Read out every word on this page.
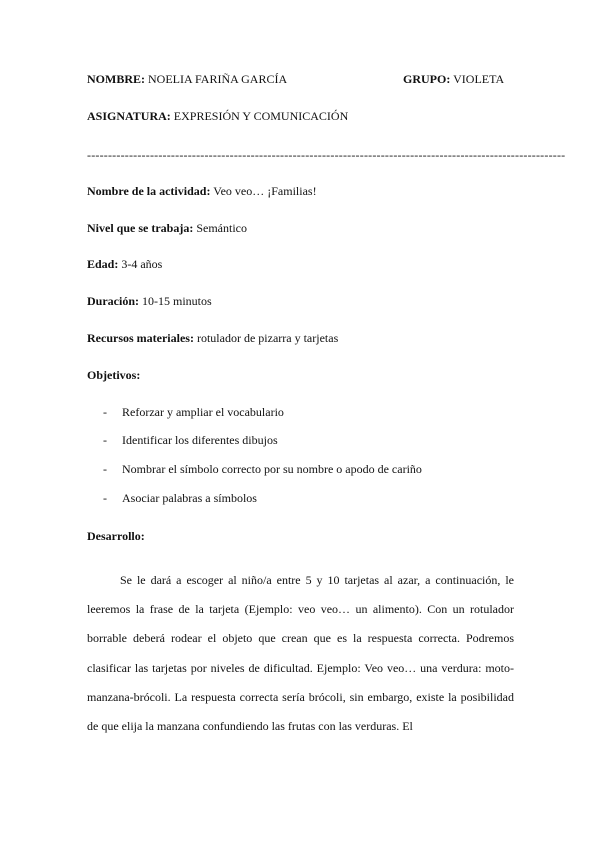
NOMBRE: NOELIA FARIÑA GARCÍA	GRUPO: VIOLETA
ASIGNATURA: EXPRESIÓN Y COMUNICACIÓN
------------------------------------------------------------------------------------------------------------------
Nombre de la actividad: Veo veo… ¡Familias!
Nivel que se trabaja: Semántico
Edad: 3-4 años
Duración: 10-15 minutos
Recursos materiales: rotulador de pizarra y tarjetas
Objetivos:
- Reforzar y ampliar el vocabulario
- Identificar los diferentes dibujos
- Nombrar el símbolo correcto por su nombre o apodo de cariño
- Asociar palabras a símbolos
Desarrollo:
Se le dará a escoger al niño/a entre 5 y 10 tarjetas al azar, a continuación, le leeremos la frase de la tarjeta (Ejemplo: veo veo… un alimento). Con un rotulador borrable deberá rodear el objeto que crean que es la respuesta correcta. Podremos clasificar las tarjetas por niveles de dificultad. Ejemplo: Veo veo… una verdura: moto-manzana-brócoli. La respuesta correcta sería brócoli, sin embargo, existe la posibilidad de que elija la manzana confundiendo las frutas con las verduras. El
